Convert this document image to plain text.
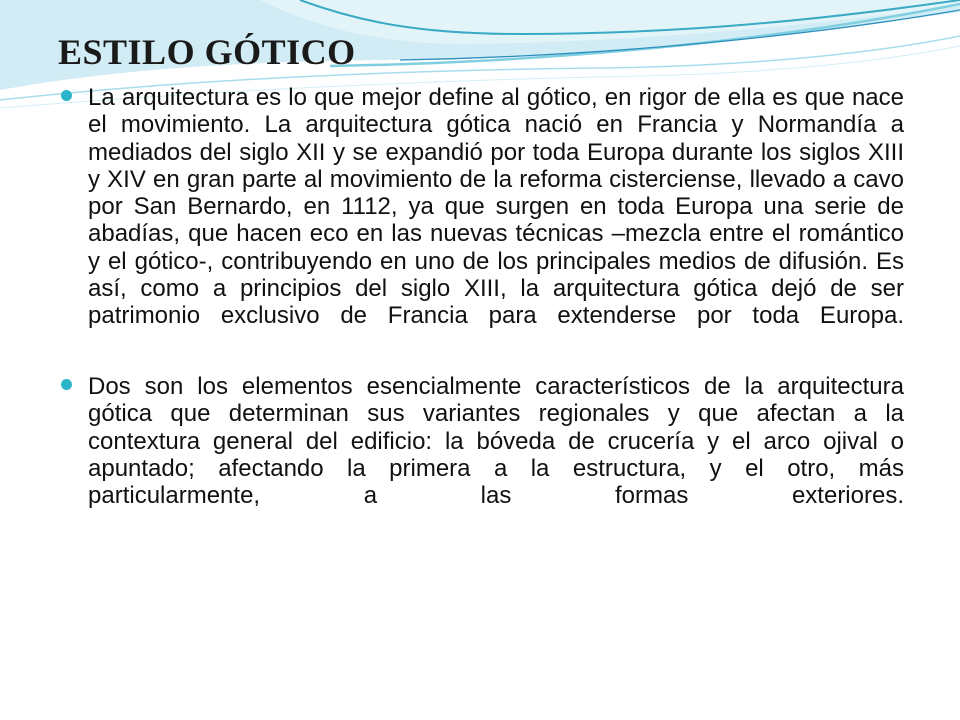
ESTILO GÓTICO
La arquitectura es lo que mejor define al gótico, en rigor de ella es que nace el movimiento. La arquitectura gótica nació en Francia y Normandía a mediados del siglo XII y se expandió por toda Europa durante los siglos XIII y XIV en gran parte al movimiento de la reforma cisterciense, llevado a cavo por San Bernardo, en 1112, ya que surgen en toda Europa una serie de abadías, que hacen eco en las nuevas técnicas –mezcla entre el romántico y el gótico-, contribuyendo en uno de los principales medios de difusión. Es así, como a principios del siglo XIII, la arquitectura gótica dejó de ser patrimonio exclusivo de Francia para extenderse por toda Europa.
Dos son los elementos esencialmente característicos de la arquitectura gótica que determinan sus variantes regionales y que afectan a la contextura general del edificio: la bóveda de crucería y el arco ojival o apuntado; afectando la primera a la estructura, y el otro, más particularmente, a las formas exteriores.
